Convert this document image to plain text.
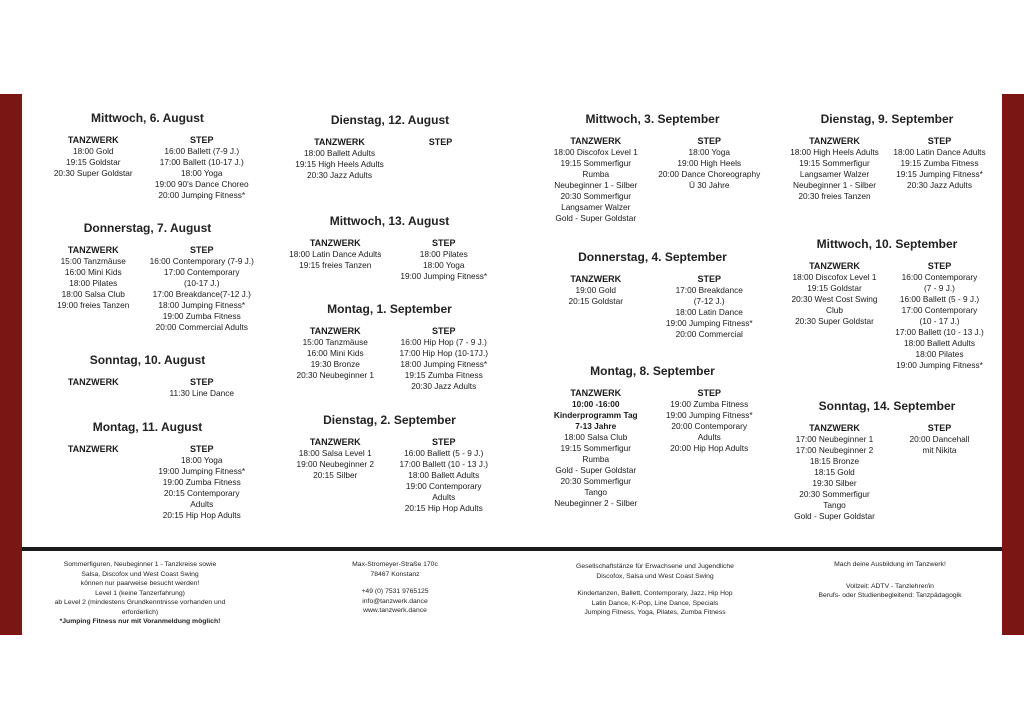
Mittwoch, 6. August
TANZWERK
18:00 Gold
19:15 Goldstar
20:30 Super Goldstar
STEP
16:00 Ballett (7-9 J.)
17:00 Ballett (10-17 J.)
18:00 Yoga
19:00 90's Dance Choreo
20:00 Jumping Fitness*
Donnerstag, 7. August
TANZWERK
15:00 Tanzmäuse
16:00 Mini Kids
18:00 Pilates
18:00 Salsa Club
19:00 freies Tanzen
STEP
16:00 Contemporary (7-9 J.)
17:00 Contemporary
(10-17 J.)
17:00 Breakdance(7-12 J.)
18:00 Jumping Fitness*
19:00 Zumba Fitness
20:00 Commercial Adults
Sonntag, 10. August
TANZWERK	STEP
11:30 Line Dance
Montag, 11. August
TANZWERK	STEP
18:00 Yoga
19:00 Jumping Fitness*
19:00 Zumba Fitness
20:15 Contemporary
Adults
20:15 Hip Hop Adults
Dienstag, 12. August
TANZWERK
18:00 Ballett Adults
19:15 High Heels Adults
20:30 Jazz Adults
STEP
Mittwoch, 13. August
TANZWERK
18:00 Latin Dance Adults
19:15 freies Tanzen
STEP
18:00 Pilates
18:00 Yoga
19:00 Jumping Fitness*
Montag, 1. September
TANZWERK
15:00 Tanzmäuse
16:00 Mini Kids
19:30 Bronze
20:30 Neubeginner 1
STEP
16:00 Hip Hop (7 - 9 J.)
17:00 Hip Hop (10-17J.)
18:00 Jumping Fitness*
19:15 Zumba Fitness
20:30 Jazz Adults
Dienstag, 2. September
TANZWERK
18:00 Salsa Level 1
19:00 Neubeginner 2
20:15 Silber
STEP
16:00 Ballett (5 - 9 J.)
17:00 Ballett (10 - 13 J.)
18:00 Ballett Adults
19:00 Contemporary
Adults
20:15 Hip Hop Adults
Mittwoch, 3. September
TANZWERK
18:00 Discofox Level 1
19:15 Sommerfigur
Rumba
Neubeginner 1 - Silber
20:30 Sommerfigur
Langsamer Walzer
Gold - Super Goldstar
STEP
18:00 Yoga
19:00 High Heels
20:00 Dance Choreography
Ü 30 Jahre
Donnerstag, 4. September
TANZWERK
19:00 Gold
20:15 Goldstar
STEP
17:00 Breakdance
(7-12 J.)
18:00 Latin Dance
19:00 Jumping Fitness*
20:00 Commercial
Montag, 8. September
TANZWERK
10:00 -16:00
Kinderprogramm Tag
7-13 Jahre
18:00 Salsa Club
19:15 Sommerfigur
Rumba
Gold - Super Goldstar
20:30 Sommerfigur
Tango
Neubeginner 2 - Silber
STEP
19:00 Zumba Fitness
19:00 Jumping Fitness*
20:00 Contemporary
Adults
20:00 Hip Hop Adults
Dienstag, 9. September
TANZWERK
18:00 High Heels Adults
19:15 Sommerfigur
Langsamer Walzer
Neubeginner 1 - Silber
20:30 freies Tanzen
STEP
18:00 Latin Dance Adults
19:15 Zumba Fitness
19:15 Jumping Fitness*
20:30 Jazz Adults
Mittwoch, 10. September
TANZWERK
18:00 Discofox Level 1
19:15 Goldstar
20:30 West Cost Swing
Club
20:30 Super Goldstar
STEP
16:00 Contemporary
(7 - 9 J.)
16:00 Ballett (5 - 9 J.)
17:00 Contemporary
(10 - 17 J.)
17:00 Ballett (10 - 13 J.)
18:00 Ballett Adults
18:00 Pilates
19:00 Jumping Fitness*
Sonntag, 14. September
TANZWERK
17:00 Neubeginner 1
17:00 Neubeginner 2
18:15 Bronze
18:15 Gold
19:30 Silber
20:30 Sommerfigur
Tango
Gold - Super Goldstar
STEP
20:00 Dancehall
mit Nikita
Sommerfiguren, Neubeginner 1 - Tanzkreise sowie
Salsa, Discofox und West Coast Swing
können nur paarweise besucht werden!
Level 1 (keine Tanzerfahrung)
ab Level 2 (mindestens Grundkenntnisse vorhanden und
erforderlich)
*Jumping Fitness nur mit Voranmeldung möglich!
Max-Stromeyer-Straße 170c
78467 Konstanz
+49 (0) 7531 9765125
info@tanzwerk.dance
www.tanzwerk.dance
Gesellschaftstänze für Erwachsene und Jugendliche
Discofox, Salsa und West Coast Swing
Kindertanzen, Ballett, Contemporary, Jazz, Hip Hop
Latin Dance, K-Pop, Line Dance, Specials
Jumping Fitness, Yoga, Pilates, Zumba Fitness
Mach deine Ausbildung im Tanzwerk!
Vollzeit: ADTV - Tanzlehrer/in
Berufs- oder Studienbegleitend: Tanzpädagogik
